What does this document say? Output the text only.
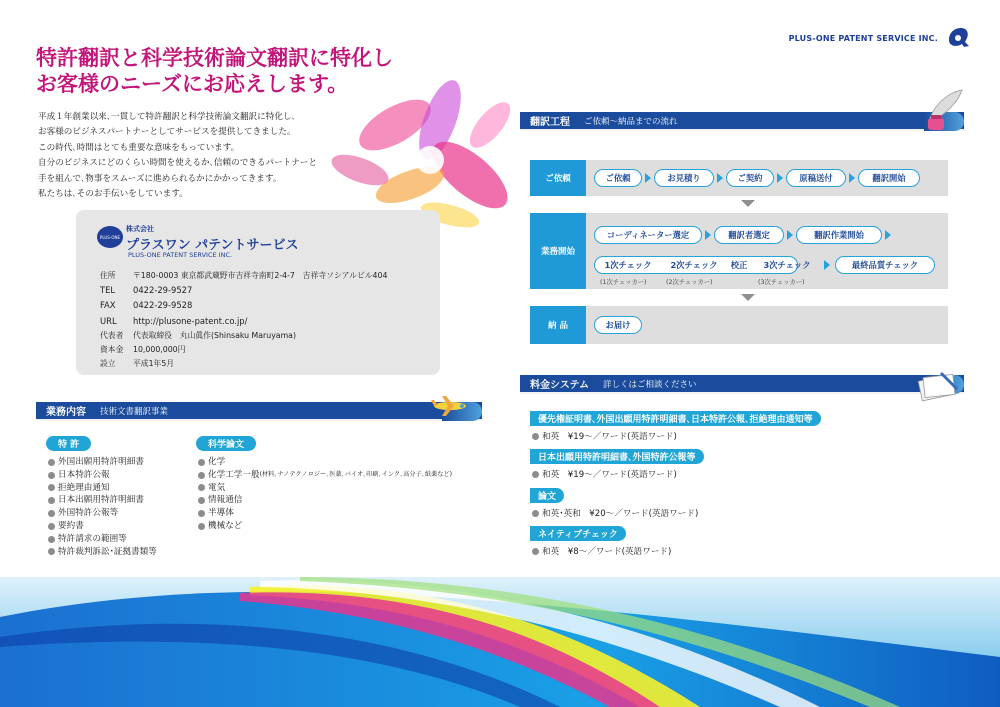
PLUS-ONE PATENT SERVICE INC.
特許翻訳と科学技術論文翻訳に特化し
お客様のニーズにお応えします。
平成１年創業以来､一貫して特許翻訳と科学技術論文翻訳に特化し､
お客様のビジネスパートナーとしてサービスを提供してきました。
この時代､時間はとても重要な意味をもっています。
自分のビジネスにどのくらい時間を使えるか､信頼のできるパートナーと
手を組んで､物事をスムーズに進められるかにかかってきます。
私たちは､そのお手伝いをしています。
PLUS-ONE
株式会社
プラスワン パテントサービス
PLUS-ONE PATENT SERVICE INC.
住所	〒180-0003 東京都武蔵野市吉祥寺南町2-4-7　吉祥寺ソシアルビル404
TEL	0422-29-9527
FAX	0422-29-9528
URL	http://plusone-patent.co.jp/
代表者	代表取締役　丸山眞作(Shinsaku Maruyama)
資本金	10,000,000円
設立	平成1年5月
業務内容 技術文書翻訳事業
特 許
外国出願用特許明細書
日本特許公報
拒絶理由通知
日本出願用特許明細書
外国特許公報等
要約書
特許請求の範囲等
特許裁判訴訟･証拠書類等
科学論文
化学
化学工学一般 (材料､ナノテクノロジー､医薬､バイオ､印刷､インク､高分子､紙薬など)
電気
情報通信
半導体
機械など
翻訳工程 ご依頼～納品までの流れ
ご依頼	ご依頼	お見積り	ご契約	原稿送付	翻訳開始
業務開始
コーディネーター選定	翻訳者選定	翻訳作業開始
1次チェック	2次チェック	校正	3次チェック	最終品質チェック
(1次チェッカー)	(2次チェッカー)	(3次チェッカー)
納 品	お届け
料金システム 詳しくはご相談ください
優先権証明書､外国出願用特許明細書､日本特許公報､拒絶理由通知等
和英　¥19～／ワード(英語ワード)
日本出願用特許明細書､外国特許公報等
和英　¥19～／ワード(英語ワード)
論文
和英･英和　¥20～／ワード(英語ワード)
ネイティブチェック
和英　¥8～／ワード(英語ワード)
